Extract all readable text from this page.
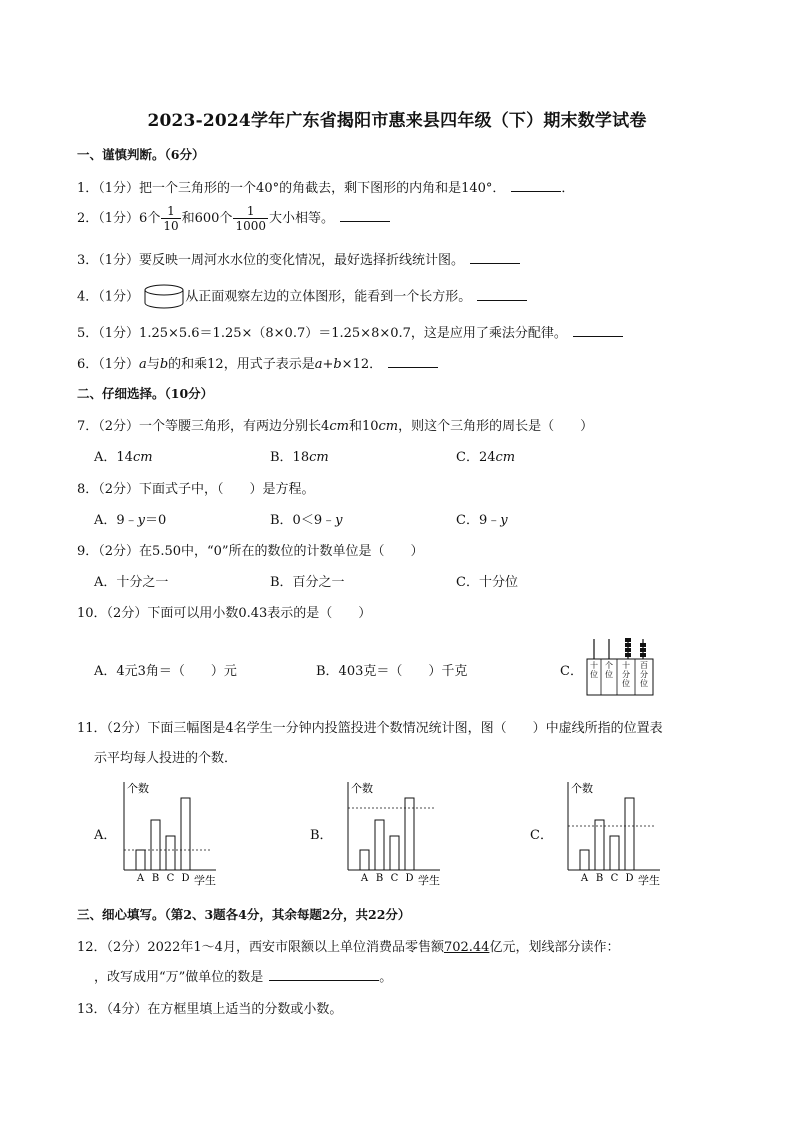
2023-2024学年广东省揭阳市惠来县四年级（下）期末数学试卷
一、谨慎判断。（6分）
1．（1分）把一个三角形的一个40°的角截去，剩下图形的内角和是140°．	．
2．（1分）6个 $\frac{1}{10}$ 和600个 $\frac{1}{1000}$ 大小相等。
3．（1分）要反映一周河水水位的变化情况，最好选择折线统计图。
4．（1分）	从正面观察左边的立体图形，能看到一个长方形。
5．（1分）1.25×5.6＝1.25×（8×0.7）＝1.25×8×0.7，这是应用了乘法分配律。
6．（1分）a与b的和乘12，用式子表示是a+b×12．
二、仔细选择。（10分）
7．（2分）一个等腰三角形，有两边分别长4cm和10cm，则这个三角形的周长是（　　）
A．14cm	B．18cm	C．24cm
8．（2分）下面式子中，（　　）是方程。
A．9﹣y＝0	B．0＜9﹣y	C．9﹣y
9．（2分）在5.50中，“0”所在的数位的计数单位是（　　）
A．十分之一	B．百分之一	C．十分位
10．（2分）下面可以用小数0.43表示的是（　　）
A．4元3角＝（　　）元	B．403克＝（　　）千克	C． 十
位
个
位
十
分
位
百
分
位
11．（2分）下面三幅图是4名学生一分钟内投篮投进个数情况统计图，图（　　）中虚线所指的位置表
示平均每人投进的个数．
A．	B．	C．
个数
学生
A B C D
个数
学生
A B C D
个数
学生
A B C D
三、细心填写。（第2、3题各4分，其余每题2分，共22分）
12．（2分）2022年1～4月，西安市限额以上单位消费品零售额702.44亿元，划线部分读作：
，改写成用“万”做单位的数是	。
13．（4分）在方框里填上适当的分数或小数。
